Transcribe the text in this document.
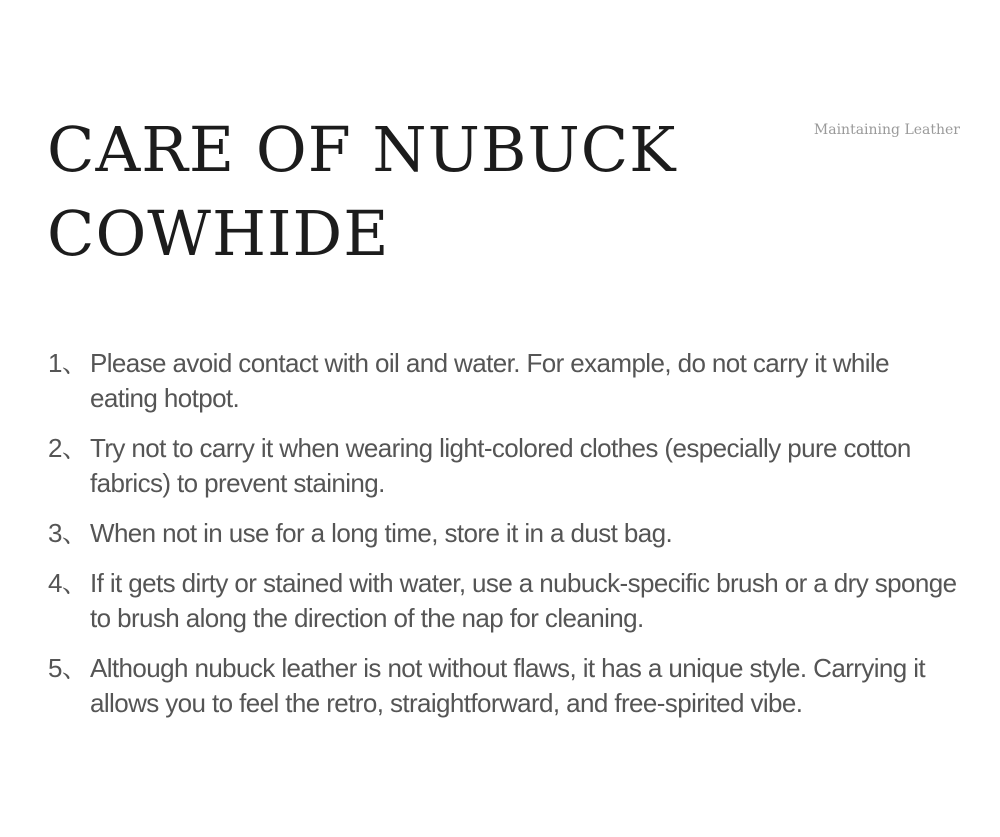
CARE OF NUBUCK
COWHIDE
Maintaining Leather
1、 Please avoid contact with oil and water. For example, do not carry it while eating hotpot.
2、 Try not to carry it when wearing light-colored clothes (especially pure cotton fabrics) to prevent staining.
3、 When not in use for a long time, store it in a dust bag.
4、 If it gets dirty or stained with water, use a nubuck-specific brush or a dry sponge to brush along the direction of the nap for cleaning.
5、 Although nubuck leather is not without flaws, it has a unique style. Carrying it allows you to feel the retro, straightforward, and free-spirited vibe.
